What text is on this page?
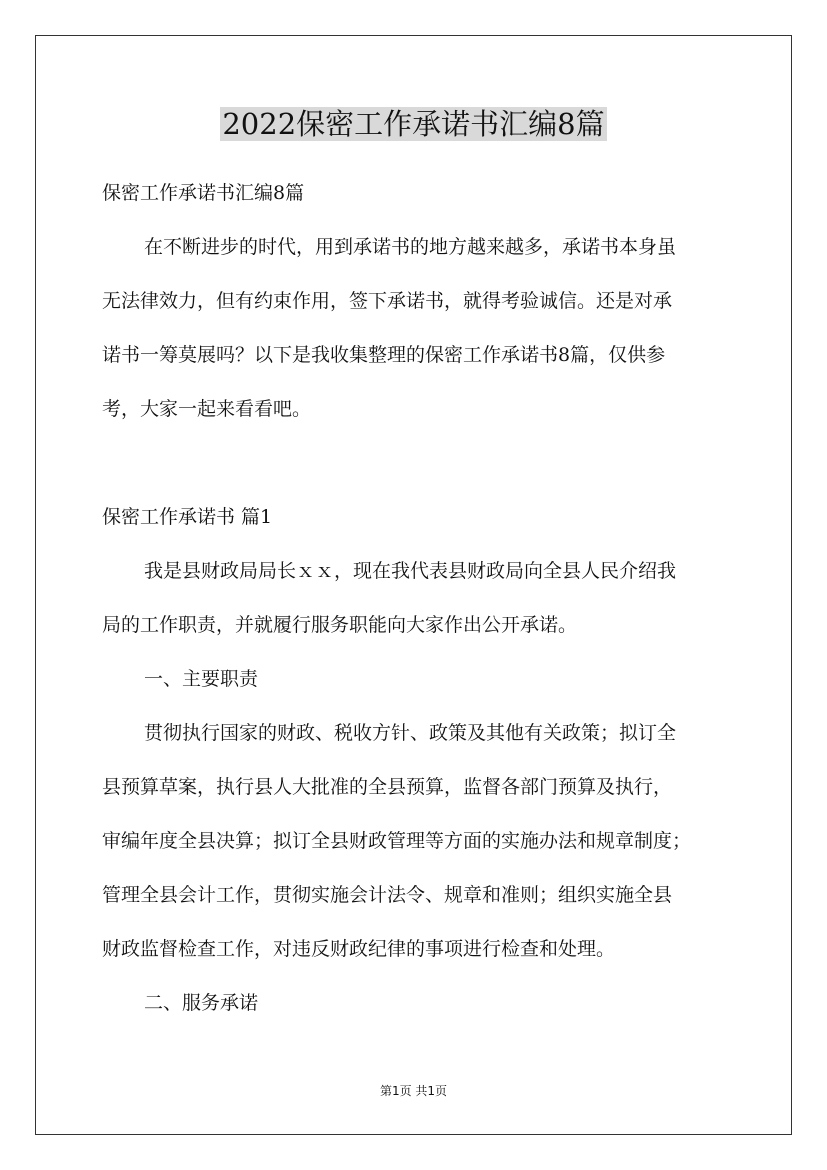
2022保密工作承诺书汇编8篇
保密工作承诺书汇编8篇
在不断进步的时代，用到承诺书的地方越来越多，承诺书本身虽
无法律效力，但有约束作用，签下承诺书，就得考验诚信。还是对承
诺书一筹莫展吗？以下是我收集整理的保密工作承诺书8篇，仅供参
考，大家一起来看看吧。
保密工作承诺书 篇1
我是县财政局局长ｘｘ，现在我代表县财政局向全县人民介绍我
局的工作职责，并就履行服务职能向大家作出公开承诺。
一、主要职责
贯彻执行国家的财政、税收方针、政策及其他有关政策；拟订全
县预算草案，执行县人大批准的全县预算，监督各部门预算及执行，
审编年度全县决算；拟订全县财政管理等方面的实施办法和规章制度；
管理全县会计工作，贯彻实施会计法令、规章和准则；组织实施全县
财政监督检查工作，对违反财政纪律的事项进行检查和处理。
二、服务承诺
第1页 共1页
